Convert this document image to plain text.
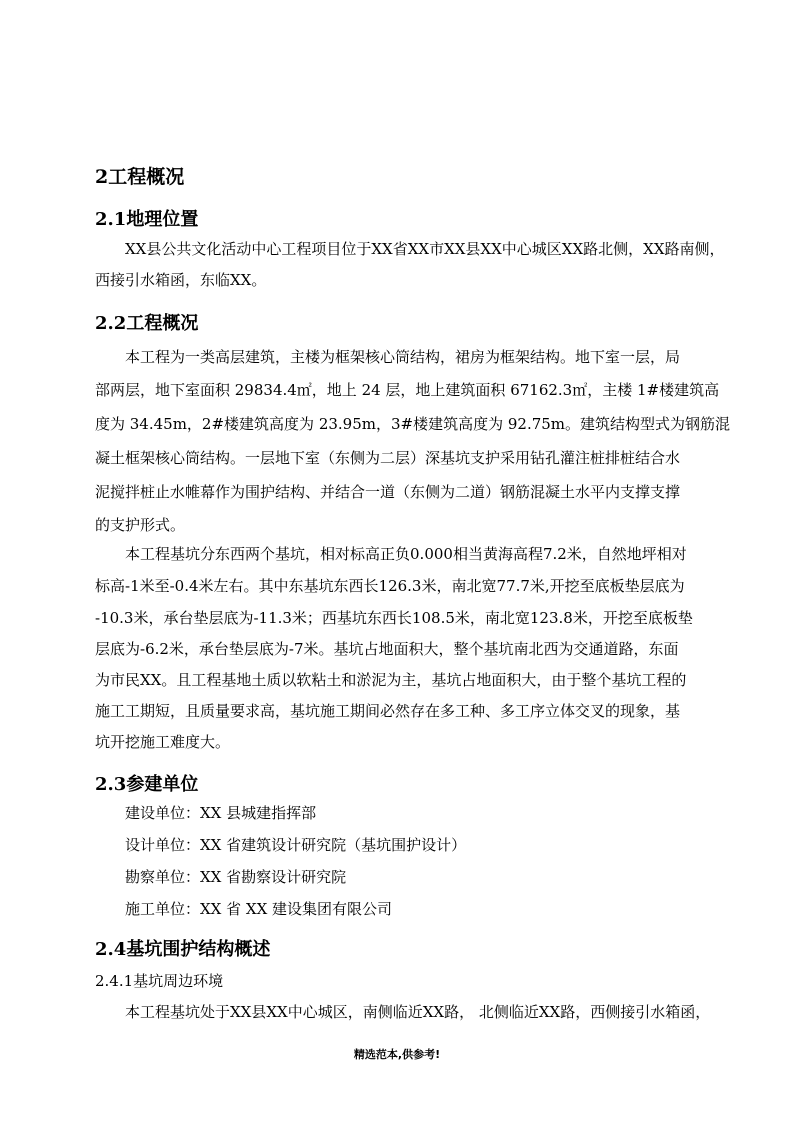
2工程概况
2.1地理位置
XX县公共文化活动中心工程项目位于XX省XX市XX县XX中心城区XX路北侧，XX路南侧，
西接引水箱函，东临XX。
2.2工程概况
本工程为一类高层建筑，主楼为框架核心筒结构，裙房为框架结构。地下室一层，局
部两层，地下室面积 29834.4㎡，地上 24 层，地上建筑面积 67162.3㎡，主楼 1#楼建筑高
度为 34.45m，2#楼建筑高度为 23.95m，3#楼建筑高度为 92.75m。建筑结构型式为钢筋混
凝土框架核心筒结构。一层地下室（东侧为二层）深基坑支护采用钻孔灌注桩排桩结合水
泥搅拌桩止水帷幕作为围护结构、并结合一道（东侧为二道）钢筋混凝土水平内支撑支撑
的支护形式。
本工程基坑分东西两个基坑，相对标高正负0.000相当黄海高程7.2米，自然地坪相对
标高-1米至-0.4米左右。其中东基坑东西长126.3米，南北宽77.7米,开挖至底板垫层底为
-10.3米，承台垫层底为-11.3米；西基坑东西长108.5米，南北宽123.8米，开挖至底板垫
层底为-6.2米，承台垫层底为-7米。基坑占地面积大，整个基坑南北西为交通道路，东面
为市民XX。且工程基地土质以软粘土和淤泥为主，基坑占地面积大，由于整个基坑工程的
施工工期短，且质量要求高，基坑施工期间必然存在多工种、多工序立体交叉的现象，基
坑开挖施工难度大。
2.3参建单位
建设单位：XX 县城建指挥部
设计单位：XX 省建筑设计研究院（基坑围护设计）
勘察单位：XX 省勘察设计研究院
施工单位：XX 省 XX 建设集团有限公司
2.4基坑围护结构概述
2.4.1基坑周边环境
本工程基坑处于XX县XX中心城区，南侧临近XX路， 北侧临近XX路，西侧接引水箱函，
精选范本,供参考!
